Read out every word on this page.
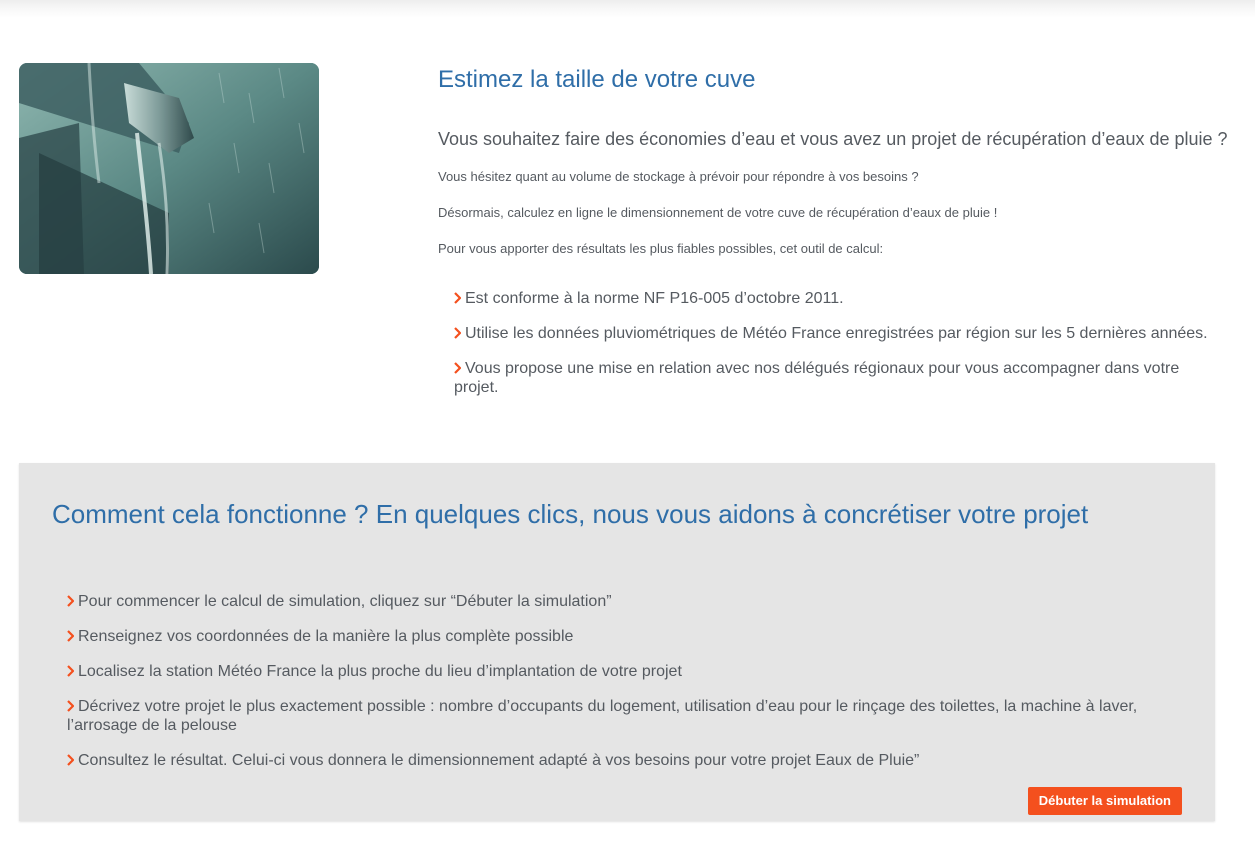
Estimez la taille de votre cuve

Vous souhaitez faire des économies d’eau et vous avez un projet de récupération d’eaux de pluie ?

Vous hésitez quant au volume de stockage à prévoir pour répondre à vos besoins ?

Désormais, calculez en ligne le dimensionnement de votre cuve de récupération d’eaux de pluie !

Pour vous apporter des résultats les plus fiables possibles, cet outil de calcul:

Est conforme à la norme NF P16-005 d’octobre 2011.
Utilise les données pluviométriques de Météo France enregistrées par région sur les 5 dernières années.
Vous propose une mise en relation avec nos délégués régionaux pour vous accompagner dans votre projet.
Comment cela fonctionne ? En quelques clics, nous vous aidons à concrétiser votre projet
Pour commencer le calcul de simulation, cliquez sur “Débuter la simulation”
Renseignez vos coordonnées de la manière la plus complète possible
Localisez la station Météo France la plus proche du lieu d’implantation de votre projet
Décrivez votre projet le plus exactement possible : nombre d’occupants du logement, utilisation d’eau pour le rinçage des toilettes, la machine à laver, l’arrosage de la pelouse
Consultez le résultat. Celui-ci vous donnera le dimensionnement adapté à vos besoins pour votre projet Eaux de Pluie”
Débuter la simulation
